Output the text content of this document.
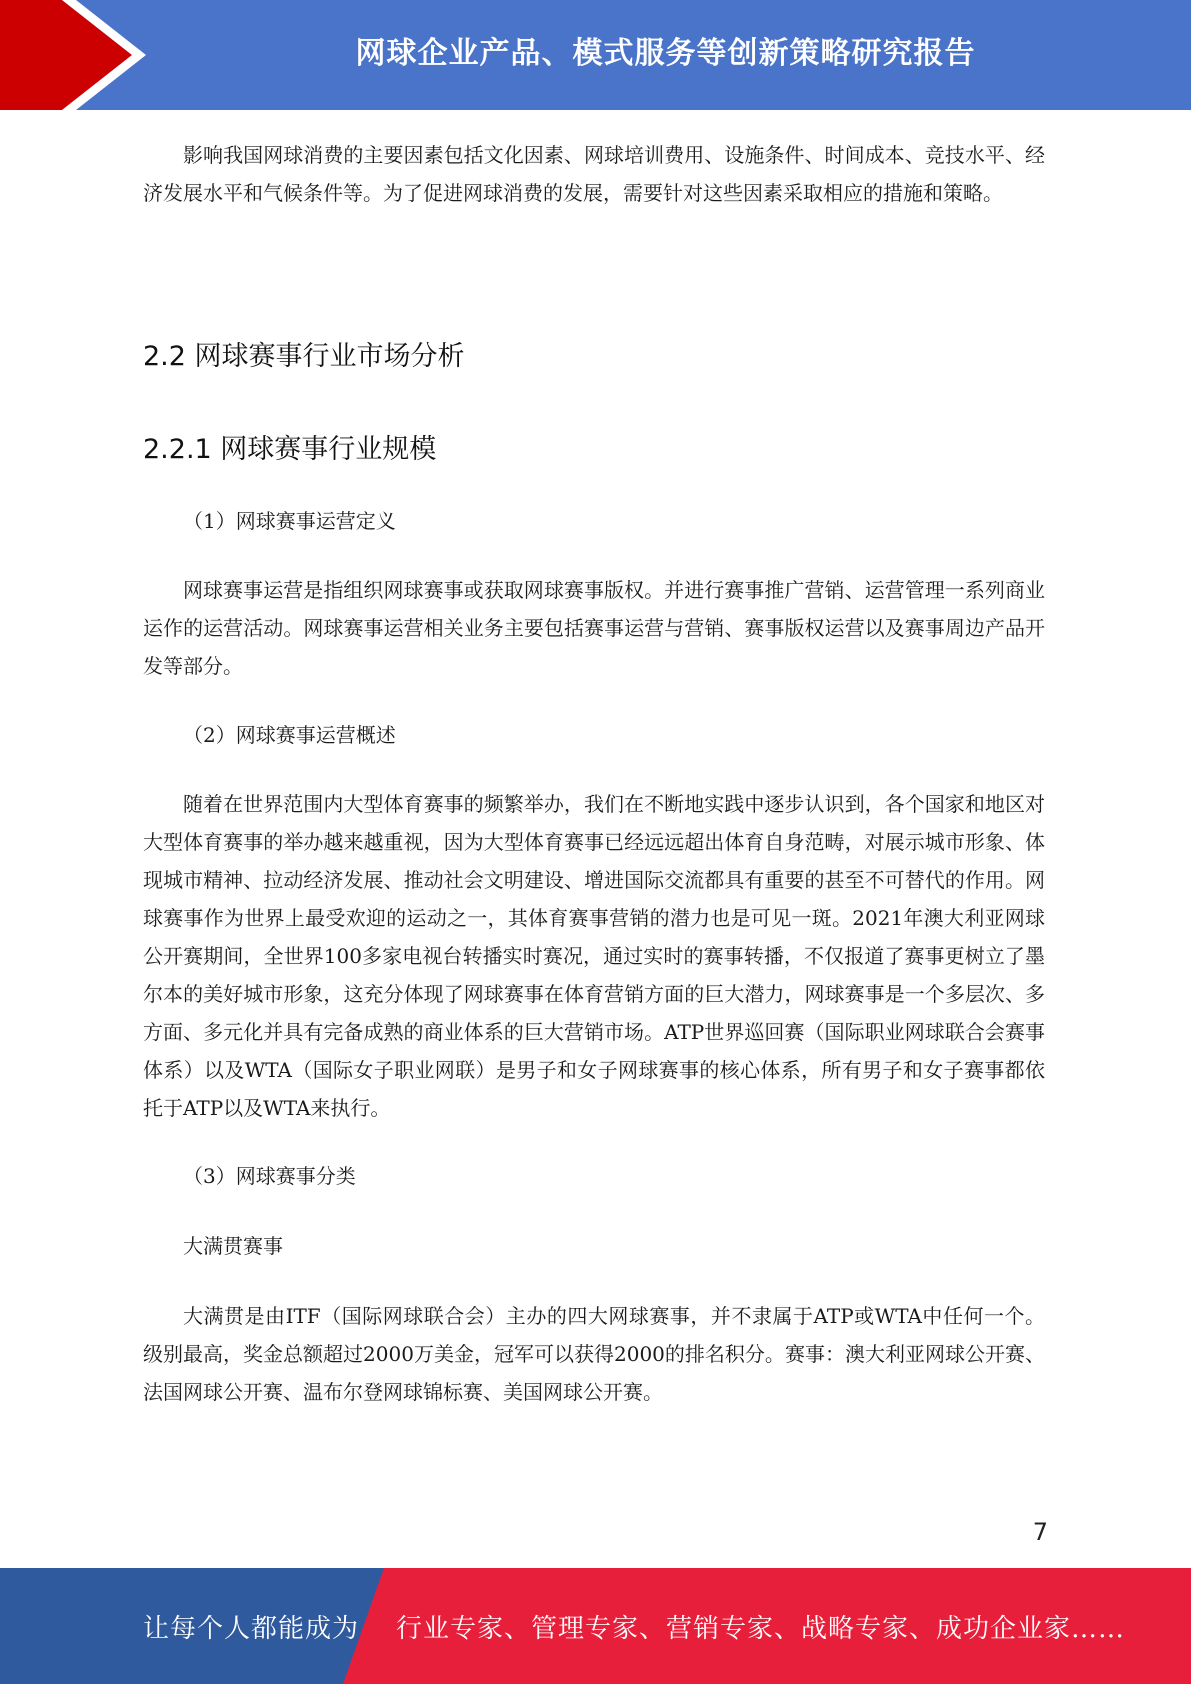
网球企业产品、模式服务等创新策略研究报告

影响我国网球消费的主要因素包括文化因素、网球培训费用、设施条件、时间成本、竞技水平、经济发展水平和气候条件等。为了促进网球消费的发展，需要针对这些因素采取相应的措施和策略。

2.2 网球赛事行业市场分析
2.2.1 网球赛事行业规模

（1）网球赛事运营定义

网球赛事运营是指组织网球赛事或获取网球赛事版权。并进行赛事推广营销、运营管理一系列商业运作的运营活动。网球赛事运营相关业务主要包括赛事运营与营销、赛事版权运营以及赛事周边产品开发等部分。

（2）网球赛事运营概述

随着在世界范围内大型体育赛事的频繁举办，我们在不断地实践中逐步认识到，各个国家和地区对大型体育赛事的举办越来越重视，因为大型体育赛事已经远远超出体育自身范畴，对展示城市形象、体现城市精神、拉动经济发展、推动社会文明建设、增进国际交流都具有重要的甚至不可替代的作用。网球赛事作为世界上最受欢迎的运动之一，其体育赛事营销的潜力也是可见一斑。2021年澳大利亚网球公开赛期间，全世界100多家电视台转播实时赛况，通过实时的赛事转播，不仅报道了赛事更树立了墨尔本的美好城市形象，这充分体现了网球赛事在体育营销方面的巨大潜力，网球赛事是一个多层次、多方面、多元化并具有完备成熟的商业体系的巨大营销市场。ATP世界巡回赛（国际职业网球联合会赛事体系）以及WTA（国际女子职业网联）是男子和女子网球赛事的核心体系，所有男子和女子赛事都依托于ATP以及WTA来执行。

（3）网球赛事分类

大满贯赛事

大满贯是由ITF（国际网球联合会）主办的四大网球赛事，并不隶属于ATP或WTA中任何一个。级别最高，奖金总额超过2000万美金，冠军可以获得2000的排名积分。赛事：澳大利亚网球公开赛、法国网球公开赛、温布尔登网球锦标赛、美国网球公开赛。

7
让每个人都能成为 行业专家、管理专家、营销专家、战略专家、成功企业家……
